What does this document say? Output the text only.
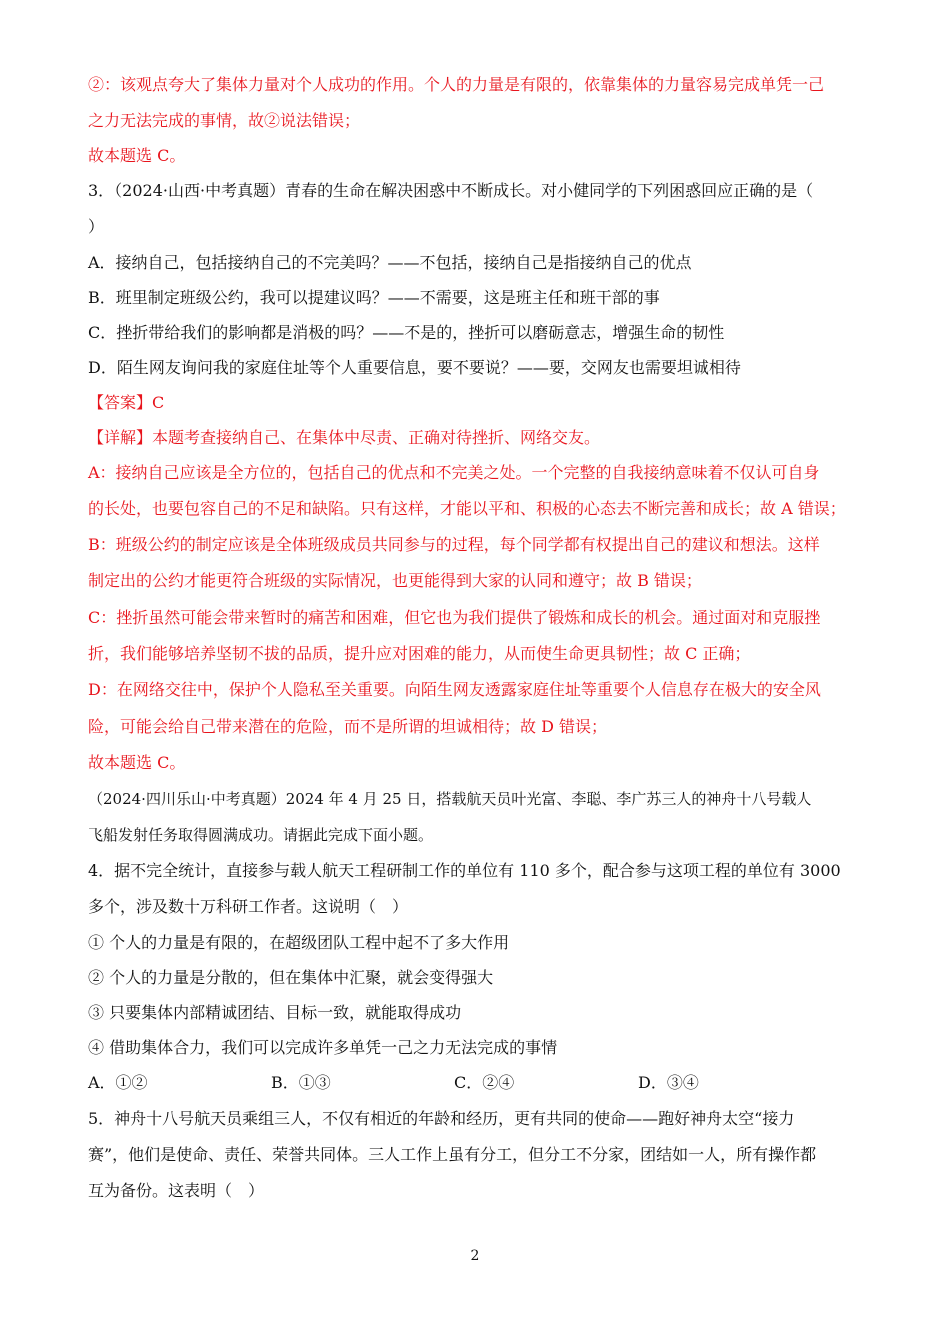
②：该观点夸大了集体力量对个人成功的作用。个人的力量是有限的，依靠集体的力量容易完成单凭一己
之力无法完成的事情，故②说法错误；
故本题选 C。
3．（2024·山西·中考真题）青春的生命在解决困惑中不断成长。对小健同学的下列困惑回应正确的是（
）
A．接纳自己，包括接纳自己的不完美吗？——不包括，接纳自己是指接纳自己的优点
B．班里制定班级公约，我可以提建议吗？——不需要，这是班主任和班干部的事
C．挫折带给我们的影响都是消极的吗？——不是的，挫折可以磨砺意志，增强生命的韧性
D．陌生网友询问我的家庭住址等个人重要信息，要不要说？——要，交网友也需要坦诚相待
【答案】C
【详解】本题考查接纳自己、在集体中尽责、正确对待挫折、网络交友。
A：接纳自己应该是全方位的，包括自己的优点和不完美之处。一个完整的自我接纳意味着不仅认可自身
的长处，也要包容自己的不足和缺陷。只有这样，才能以平和、积极的心态去不断完善和成长；故 A 错误；
B：班级公约的制定应该是全体班级成员共同参与的过程，每个同学都有权提出自己的建议和想法。这样
制定出的公约才能更符合班级的实际情况，也更能得到大家的认同和遵守；故 B 错误；
C：挫折虽然可能会带来暂时的痛苦和困难，但它也为我们提供了锻炼和成长的机会。通过面对和克服挫
折，我们能够培养坚韧不拔的品质，提升应对困难的能力，从而使生命更具韧性；故 C 正确；
D：在网络交往中，保护个人隐私至关重要。向陌生网友透露家庭住址等重要个人信息存在极大的安全风
险，可能会给自己带来潜在的危险，而不是所谓的坦诚相待；故 D 错误；
故本题选 C。
（2024·四川乐山·中考真题）2024 年 4 月 25 日，搭载航天员叶光富、李聪、李广苏三人的神舟十八号载人
飞船发射任务取得圆满成功。请据此完成下面小题。
4．据不完全统计，直接参与载人航天工程研制工作的单位有 110 多个，配合参与这项工程的单位有 3000
多个，涉及数十万科研工作者。这说明（　）
① 个人的力量是有限的，在超级团队工程中起不了多大作用
② 个人的力量是分散的，但在集体中汇聚，就会变得强大
③ 只要集体内部精诚团结、目标一致，就能取得成功
④ 借助集体合力，我们可以完成许多单凭一己之力无法完成的事情
A．①②	B．①③	C．②④	D．③④
5．神舟十八号航天员乘组三人，不仅有相近的年龄和经历，更有共同的使命——跑好神舟太空“接力
赛”，他们是使命、责任、荣誉共同体。三人工作上虽有分工，但分工不分家，团结如一人，所有操作都
互为备份。这表明（　）
2
